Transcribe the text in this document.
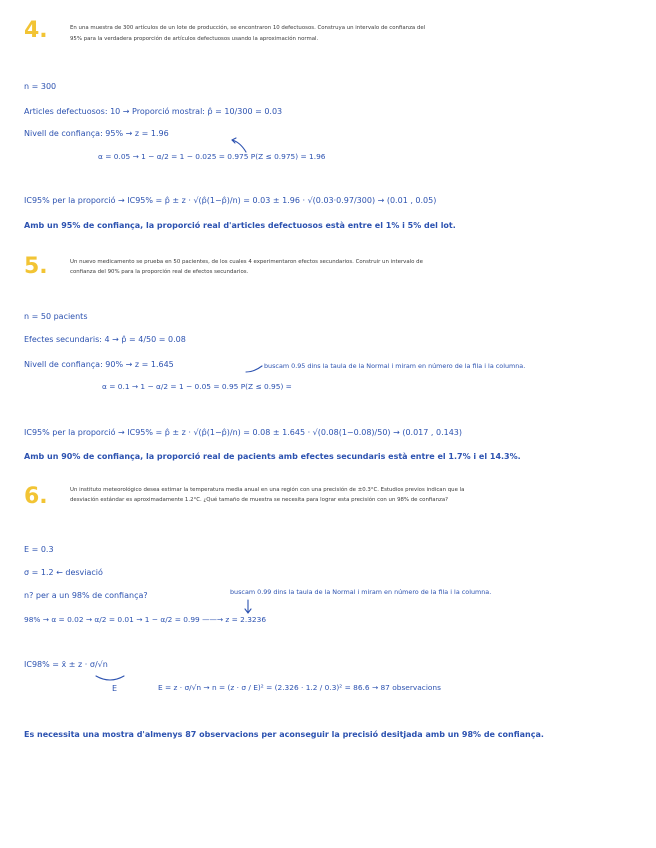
4.	En una muestra de 300 artículos de un lote de producción, se encontraron 10 defectuosos. Construya un intervalo de confianza del
95% para la verdadera proporción de artículos defectuosos usando la aproximación normal.
n = 300
Articles defectuosos: 10 → Proporció mostral: p̂ = 10/300 = 0.03
Nivell de confiança: 95% → z = 1.96
α = 0.05 → 1 − α/2 = 1 − 0.025 = 0.975 P(Z ≤ 0.975) = 1.96
IC95% per la proporció → IC95% = p̂ ± z · √(p̂(1−p̂)/n) = 0.03 ± 1.96 · √(0.03·0.97/300) → (0.01 , 0.05)
Amb un 95% de confiança, la proporció real d'articles defectuosos està entre el 1% i 5% del lot.
5.	Un nuevo medicamento se prueba en 50 pacientes, de los cuales 4 experimentaron efectos secundarios. Construir un intervalo de
confianza del 90% para la proporción real de efectos secundarios.
n = 50 pacients
Efectes secundaris: 4 → p̂ = 4/50 = 0.08
Nivell de confiança: 90% → z = 1.645	buscam 0.95 dins la taula de la Normal i miram en número de la fila i la columna.
α = 0.1 → 1 − α/2 = 1 − 0.05 = 0.95 P(Z ≤ 0.95) =
IC95% per la proporció → IC95% = p̂ ± z · √(p̂(1−p̂)/n) = 0.08 ± 1.645 · √(0.08(1−0.08)/50) → (0.017 , 0.143)
Amb un 90% de confiança, la proporció real de pacients amb efectes secundaris està entre el 1.7% i el 14.3%.
6.	Un instituto meteorológico desea estimar la temperatura media anual en una región con una precisión de ±0.3°C. Estudios previos indican que la
desviación estándar es aproximadamente 1.2°C. ¿Qué tamaño de muestra se necesita para lograr esta precisión con un 98% de confianza?
E = 0.3
σ = 1.2 ← desviació
n? per a un 98% de confiança?	buscam 0.99 dins la taula de la Normal i miram en número de la fila i la columna.
98% → α = 0.02 → α/2 = 0.01 → 1 − α/2 = 0.99 ——→ z = 2.3236
IC98% = x̄ ± z · σ/√n
E	E = z · σ/√n → n = (z · σ / E)² = (2.326 · 1.2 / 0.3)² = 86.6 → 87 observacions
Es necessita una mostra d'almenys 87 observacions per aconseguir la precisió desitjada amb un 98% de confiança.
